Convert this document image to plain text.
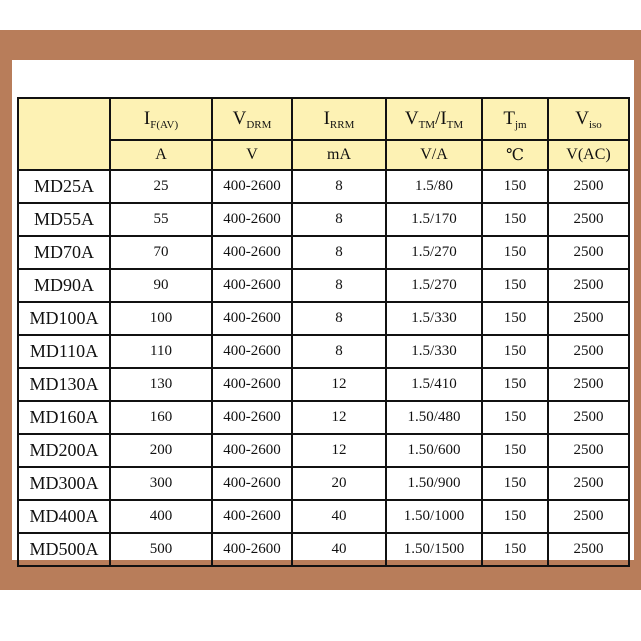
	$I_{F(AV)}$	$V_{DRM}$	$I_{RRM}$	$V_{TM}/I_{TM}$	$T_{jm}$	$V_{iso}$
	A	V	mA	V/A	℃	V(AC)
MD25A	25	400-2600	8	1.5/80	150	2500
MD55A	55	400-2600	8	1.5/170	150	2500
MD70A	70	400-2600	8	1.5/270	150	2500
MD90A	90	400-2600	8	1.5/270	150	2500
MD100A	100	400-2600	8	1.5/330	150	2500
MD110A	110	400-2600	8	1.5/330	150	2500
MD130A	130	400-2600	12	1.5/410	150	2500
MD160A	160	400-2600	12	1.50/480	150	2500
MD200A	200	400-2600	12	1.50/600	150	2500
MD300A	300	400-2600	20	1.50/900	150	2500
MD400A	400	400-2600	40	1.50/1000	150	2500
MD500A	500	400-2600	40	1.50/1500	150	2500
